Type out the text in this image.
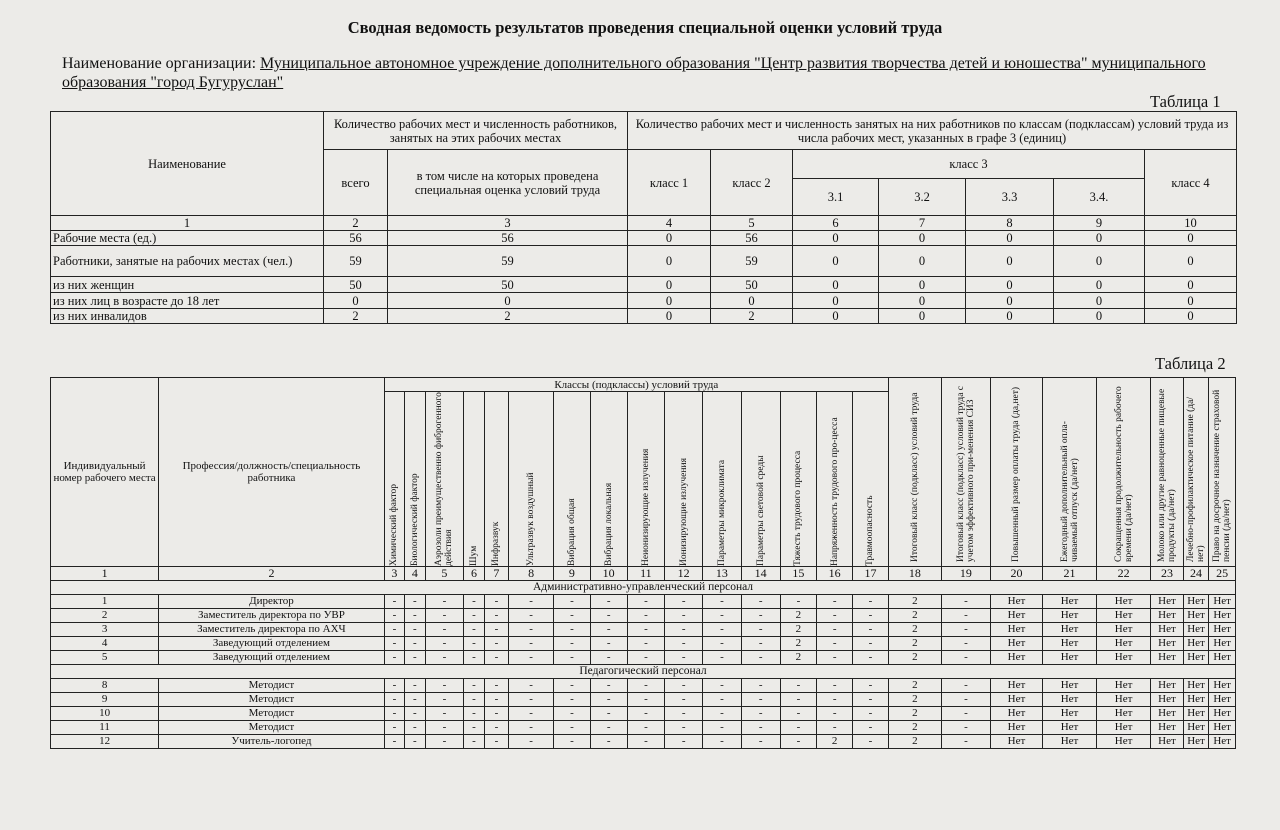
Сводная ведомость результатов проведения специальной оценки условий труда
Наименование организации: Муниципальное автономное учреждение дополнительного образования "Центр развития творчества детей и юношества" муниципального образования "город Бугуруслан"
Таблица 1
Наименование	Количество рабочих мест и численность работников, занятых на этих рабочих местах		Количество рабочих мест и численность занятых на них работников по классам (подклассам) условий труда из числа рабочих мест, указанных в графе 3 (единиц)						
	всего	в том числе на которых проведена специальная оценка условий труда	класс 1	класс 2	класс 3				класс 4
					3.1	3.2	3.3	3.4.	
1	2	3	4	5	6	7	8	9	10
Рабочие места (ед.)	56	56	0	56	0	0	0	0	0
Работники, занятые на рабочих местах (чел.)	59	59	0	59	0	0	0	0	0
из них женщин	50	50	0	50	0	0	0	0	0
из них лиц в возрасте до 18 лет	0	0	0	0	0	0	0	0	0
из них инвалидов	2	2	0	2	0	0	0	0	0
Таблица 2
Индивидуальный номер рабочего места	Профессия/должность/специальность работника	Классы (подклассы) условий труда															Итоговый класс (подкласс) условий труда	Итоговый класс (подкласс) условий труда с учетом эффективного при-менения СИЗ	Повышенный размер оплаты труда (да,нет)	Ежегодный дополнительный опла-чиваемый отпуск (да/нет)	Сокращенная продолжительность рабочего времени (да/нет)	Молоко или другие равноценные пищевые продукты (да/нет)	Лечебно-профилактическое питание (да/нет)	Право на досрочное назначение страховой пенсии (да/нет)

		Химический фактор	Биологический фактор	Аэрозоли преимущественно фиброгенного действия	Шум	Инфразвук	Ультразвук воздушный	Вибрация общая	Вибрация локальная	Неионизирующие излучения	Ионизирующие излучения	Параметры микроклимата	Параметры световой среды	Тяжесть трудового процесса	Напряженность трудового про-цесса	Травмоопасность								

1	2	3	4	5	6	7	8	9	10	11	12	13	14	15	16	17	18	19	20	21	22	23	24	25
Административно-управленческий персонал																								
1	Директор	-	-	-	-	-	-	-	-	-	-	-	-	-	-	-	2	-	Нет	Нет	Нет	Нет	Нет	Нет
2	Заместитель директора по УВР	-	-	-	-	-	-	-	-	-	-	-	-	2	-	-	2	-	Нет	Нет	Нет	Нет	Нет	Нет
3	Заместитель директора по АХЧ	-	-	-	-	-	-	-	-	-	-	-	-	2	-	-	2	-	Нет	Нет	Нет	Нет	Нет	Нет
4	Заведующий отделением	-	-	-	-	-	-	-	-	-	-	-	-	2	-	-	2	-	Нет	Нет	Нет	Нет	Нет	Нет
5	Заведующий отделением	-	-	-	-	-	-	-	-	-	-	-	-	2	-	-	2	-	Нет	Нет	Нет	Нет	Нет	Нет
Педагогический персонал																								
8	Методист	-	-	-	-	-	-	-	-	-	-	-	-	-	-	-	2	-	Нет	Нет	Нет	Нет	Нет	Нет
9	Методист	-	-	-	-	-	-	-	-	-	-	-	-	-	-	-	2	-	Нет	Нет	Нет	Нет	Нет	Нет
10	Методист	-	-	-	-	-	-	-	-	-	-	-	-	-	-	-	2	-	Нет	Нет	Нет	Нет	Нет	Нет
11	Методист	-	-	-	-	-	-	-	-	-	-	-	-	-	-	-	2	-	Нет	Нет	Нет	Нет	Нет	Нет
12	Учитель-логопед	-	-	-	-	-	-	-	-	-	-	-	-	-	2	-	2	-	Нет	Нет	Нет	Нет	Нет	Нет
